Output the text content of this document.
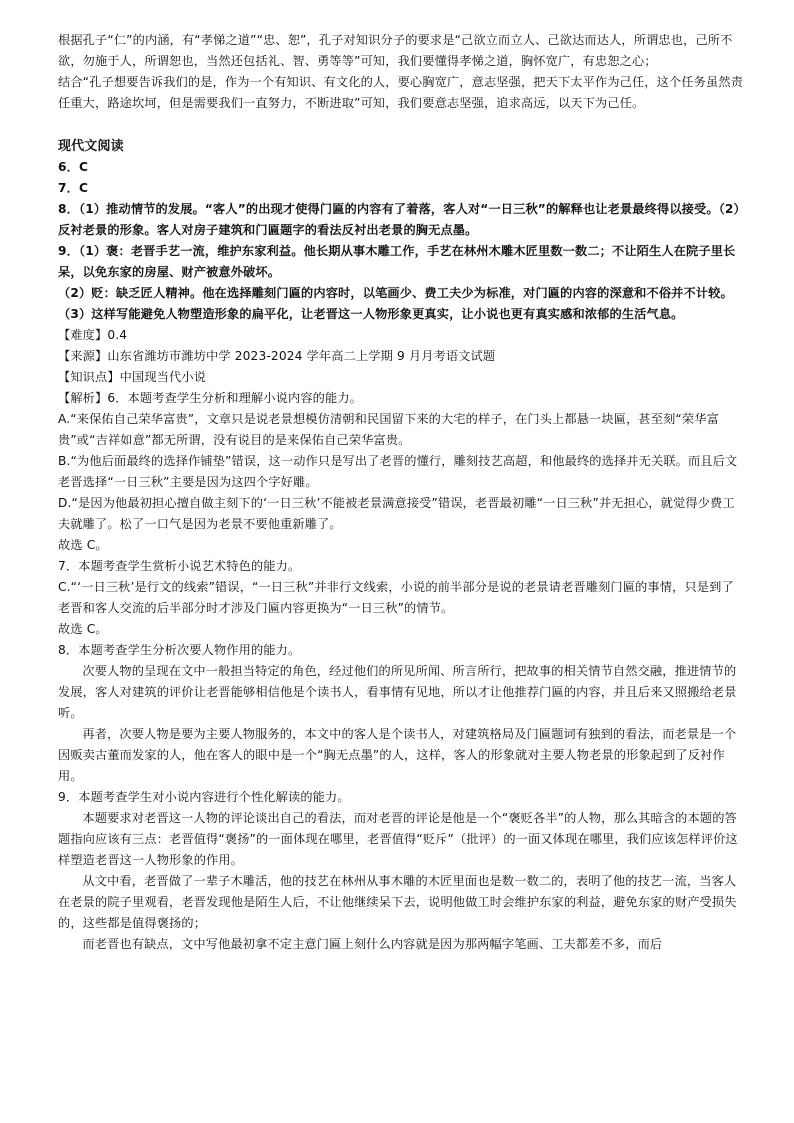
根据孔子“仁”的内涵，有“孝悌之道”“忠、恕”，孔子对知识分子的要求是“己欲立而立人、己欲达而达人，所谓忠也，己所不欲，勿施于人，所谓恕也，当然还包括礼、智、勇等等”可知，我们要懂得孝悌之道，胸怀宽广，有忠恕之心；

结合“孔子想要告诉我们的是，作为一个有知识、有文化的人，要心胸宽广，意志坚强，把天下太平作为己任，这个任务虽然责任重大，路途坎坷，但是需要我们一直努力，不断进取”可知，我们要意志坚强，追求高远，以天下为己任。

现代文阅读

6．C

7．C

8．（1）推动情节的发展。“客人”的出现才使得门匾的内容有了着落，客人对“一日三秋”的解释也让老景最终得以接受。（2）反衬老景的形象。客人对房子建筑和门匾题字的看法反衬出老景的胸无点墨。

9．（1）褒：老晋手艺一流，维护东家利益。他长期从事木雕工作，手艺在林州木雕木匠里数一数二；不让陌生人在院子里长呆，以免东家的房屋、财产被意外破坏。

（2）贬：缺乏匠人精神。他在选择雕刻门匾的内容时，以笔画少、费工夫少为标准，对门匾的内容的深意和不俗并不计较。

（3）这样写能避免人物塑造形象的扁平化，让老晋这一人物形象更真实，让小说也更有真实感和浓郁的生活气息。

【难度】0.4

【来源】山东省潍坊市潍坊中学 2023-2024 学年高二上学期 9 月月考语文试题

【知识点】中国现当代小说

【解析】6．本题考查学生分析和理解小说内容的能力。

A.“来保佑自己荣华富贵”，文章只是说老景想模仿清朝和民国留下来的大宅的样子，在门头上都悬一块匾，甚至刻“荣华富贵”或“吉祥如意”都无所谓，没有说目的是来保佑自己荣华富贵。

B.“为他后面最终的选择作铺垫”错误，这一动作只是写出了老晋的懂行，雕刻技艺高超，和他最终的选择并无关联。而且后文老晋选择“一日三秋”主要是因为这四个字好雕。

D.“是因为他最初担心擅自做主刻下的‘一日三秋’不能被老景满意接受”错误，老晋最初雕“一日三秋”并无担心，就觉得少费工夫就雕了。松了一口气是因为老景不要他重新雕了。

故选 C。

7．本题考查学生赏析小说艺术特色的能力。

C.“‘一日三秋’是行文的线索”错误，“一日三秋”并非行文线索，小说的前半部分是说的老景请老晋雕刻门匾的事情，只是到了老晋和客人交流的后半部分时才涉及门匾内容更换为“一日三秋”的情节。

故选 C。

8．本题考查学生分析次要人物作用的能力。

次要人物的呈现在文中一般担当特定的角色，经过他们的所见所闻、所言所行，把故事的相关情节自然交融，推进情节的发展，客人对建筑的评价让老晋能够相信他是个读书人，看事情有见地，所以才让他推荐门匾的内容，并且后来又照搬给老景听。

再者，次要人物是要为主要人物服务的，本文中的客人是个读书人，对建筑格局及门匾题词有独到的看法，而老景是一个因贩卖古董而发家的人，他在客人的眼中是一个“胸无点墨”的人，这样，客人的形象就对主要人物老景的形象起到了反衬作用。

9．本题考查学生对小说内容进行个性化解读的能力。

本题要求对老晋这一人物的评论谈出自己的看法，而对老晋的评论是他是一个“褒贬各半”的人物，那么其暗含的本题的答题指向应该有三点：老晋值得“褒扬”的一面体现在哪里，老晋值得“贬斥”（批评）的一面又体现在哪里，我们应该怎样评价这样塑造老晋这一人物形象的作用。

从文中看，老晋做了一辈子木雕活，他的技艺在林州从事木雕的木匠里面也是数一数二的，表明了他的技艺一流，当客人在老景的院子里观看，老晋发现他是陌生人后，不让他继续呆下去，说明他做工时会维护东家的利益，避免东家的财产受损失的，这些都是值得褒扬的；

而老晋也有缺点，文中写他最初拿不定主意门匾上刻什么内容就是因为那两幅字笔画、工夫都差不多，而后
